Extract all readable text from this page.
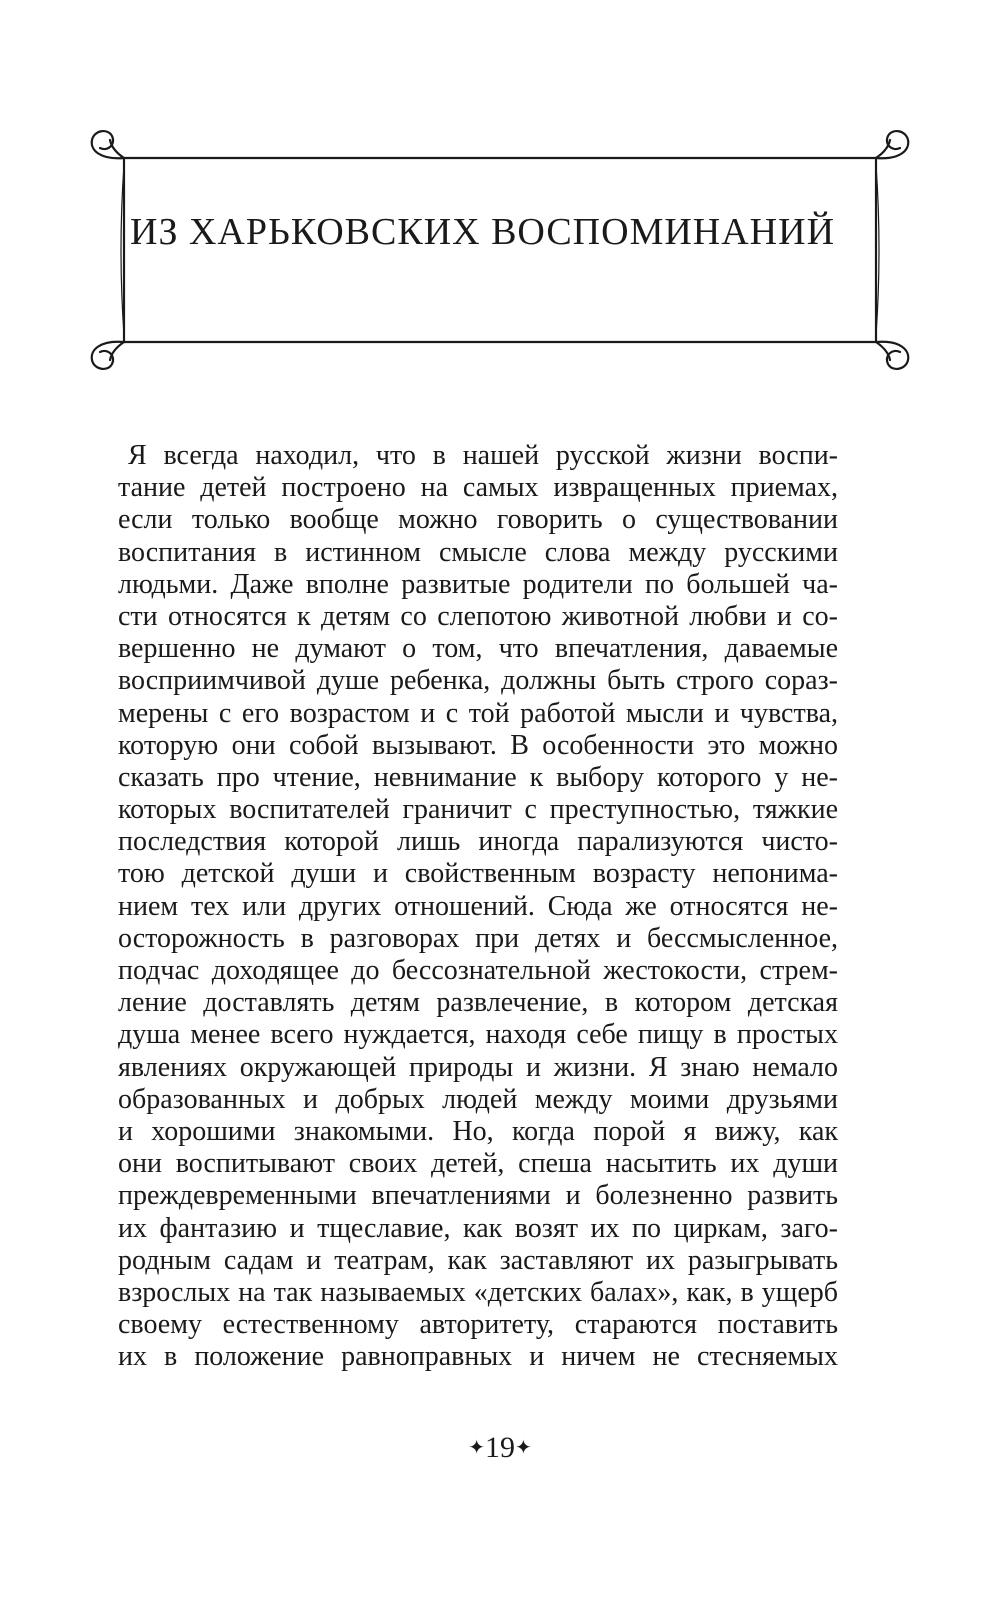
ИЗ ХАРЬКОВСКИХ ВОСПОМИНАНИЙ
Я всегда находил, что в нашей русской жизни воспи-
тание детей построено на самых извращенных приемах,
если только вообще можно говорить о существовании
воспитания в истинном смысле слова между русскими
людьми. Даже вполне развитые родители по большей ча-
сти относятся к детям со слепотою животной любви и со-
вершенно не думают о том, что впечатления, даваемые
восприимчивой душе ребенка, должны быть строго сораз-
мерены с его возрастом и с той работой мысли и чувства,
которую они собой вызывают. В особенности это можно
сказать про чтение, невнимание к выбору которого у не-
которых воспитателей граничит с преступностью, тяжкие
последствия которой лишь иногда парализуются чисто-
тою детской души и свойственным возрасту непонима-
нием тех или других отношений. Сюда же относятся не-
осторожность в разговорах при детях и бессмысленное,
подчас доходящее до бессознательной жестокости, стрем-
ление доставлять детям развлечение, в котором детская
душа менее всего нуждается, находя себе пищу в простых
явлениях окружающей природы и жизни. Я знаю немало
образованных и добрых людей между моими друзьями
и хорошими знакомыми. Но, когда порой я вижу, как
они воспитывают своих детей, спеша насытить их души
преждевременными впечатлениями и болезненно развить
их фантазию и тщеславие, как возят их по циркам, заго-
родным садам и театрам, как заставляют их разыгрывать
взрослых на так называемых «детских балах», как, в ущерб
своему естественному авторитету, стараются поставить
их в положение равноправных и ничем не стесняемых
✦19✦
